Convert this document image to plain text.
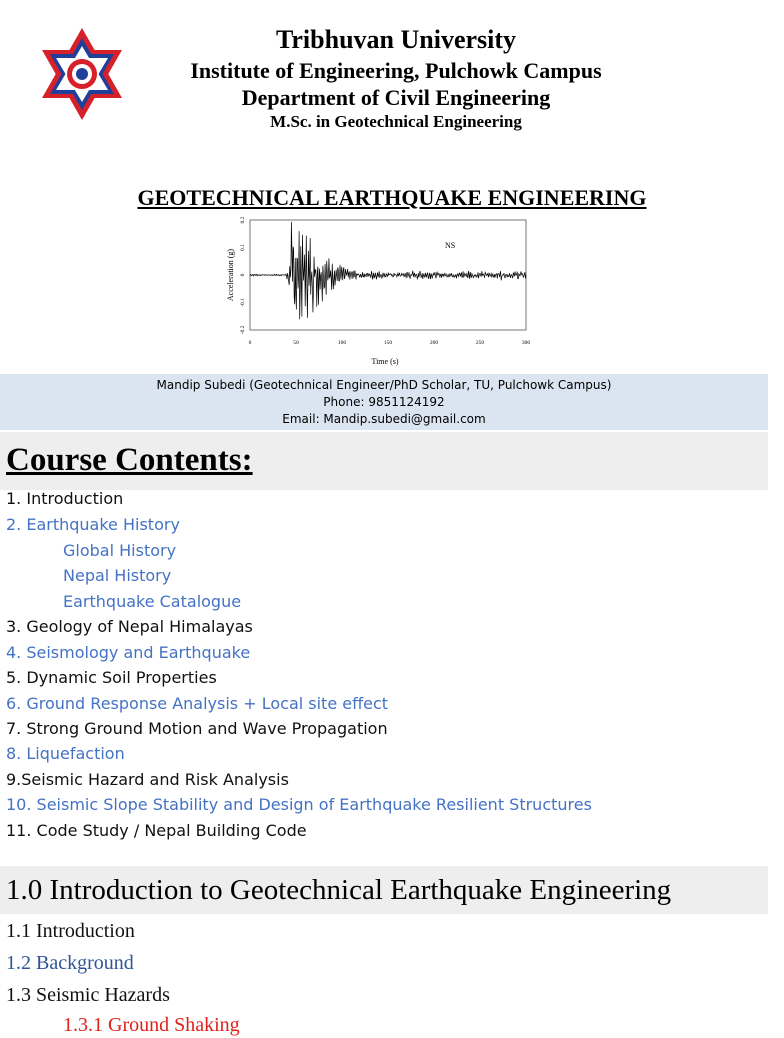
Tribhuvan University

Institute of Engineering, Pulchowk Campus

Department of Civil Engineering

M.Sc. in Geotechnical Engineering

GEOTECHNICAL EARTHQUAKE ENGINEERING

NS
Acceleration (g)
Time (s)
0	50	100	150	200	250	300
-0.2
-0.1
0
0.1
0.2

Mandip Subedi (Geotechnical Engineer/PhD Scholar, TU, Pulchowk Campus)

Phone: 9851124192

Email: Mandip.subedi@gmail.com

Course Contents:

1. Introduction

2. Earthquake History

Global History

Nepal History

Earthquake Catalogue

3. Geology of Nepal Himalayas

4. Seismology and Earthquake

5. Dynamic Soil Properties

6. Ground Response Analysis + Local site effect

7. Strong Ground Motion and Wave Propagation

8. Liquefaction

9.Seismic Hazard and Risk Analysis

10. Seismic Slope Stability and Design of Earthquake Resilient Structures

11. Code Study / Nepal Building Code

1.0 Introduction to Geotechnical Earthquake Engineering

1.1 Introduction

1.2 Background

1.3 Seismic Hazards

1.3.1 Ground Shaking
